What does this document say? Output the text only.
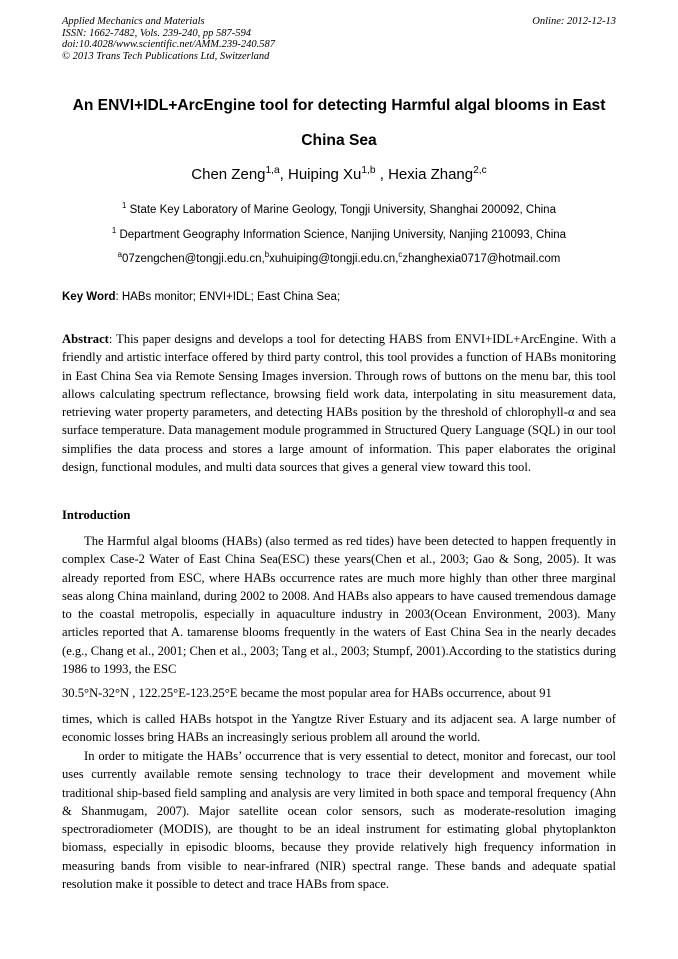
Applied Mechanics and Materials
ISSN: 1662-7482, Vols. 239-240, pp 587-594
doi:10.4028/www.scientific.net/AMM.239-240.587
© 2013 Trans Tech Publications Ltd, Switzerland
Online: 2012-12-13
An ENVI+IDL+ArcEngine tool for detecting Harmful algal blooms in East
China Sea
Chen Zeng$^{1,a}$, Huiping Xu$^{1,b}$ , Hexia Zhang$^{2,c}$
$^1$ State Key Laboratory of Marine Geology, Tongji University, Shanghai 200092, China
$^1$ Department Geography Information Science, Nanjing University, Nanjing 210093, China
$^a$07zengchen@tongji.edu.cn,$^b$xuhuiping@tongji.edu.cn,$^c$zhanghexia0717@hotmail.com
Key Word: HABs monitor; ENVI+IDL; East China Sea;
Abstract: This paper designs and develops a tool for detecting HABS from ENVI+IDL+ArcEngine. With a friendly and artistic interface offered by third party control, this tool provides a function of HABs monitoring in East China Sea via Remote Sensing Images inversion. Through rows of buttons on the menu bar, this tool allows calculating spectrum reflectance, browsing field work data, interpolating in situ measurement data, retrieving water property parameters, and detecting HABs position by the threshold of chlorophyll-α and sea surface temperature. Data management module programmed in Structured Query Language (SQL) in our tool simplifies the data process and stores a large amount of information. This paper elaborates the original design, functional modules, and multi data sources that gives a general view toward this tool.
Introduction
The Harmful algal blooms (HABs) (also termed as red tides) have been detected to happen frequently in complex Case-2 Water of East China Sea(ESC) these years(Chen et al., 2003; Gao & Song, 2005). It was already reported from ESC, where HABs occurrence rates are much more highly than other three marginal seas along China mainland, during 2002 to 2008. And HABs also appears to have caused tremendous damage to the coastal metropolis, especially in aquaculture industry in 2003(Ocean Environment, 2003). Many articles reported that A. tamarense blooms frequently in the waters of East China Sea in the nearly decades (e.g., Chang et al., 2001; Chen et al., 2003; Tang et al., 2003; Stumpf, 2001).According to the statistics during 1986 to 1993, the ESC
30.5°N-32°N , 122.25°E-123.25°E became the most popular area for HABs occurrence, about 91
times, which is called HABs hotspot in the Yangtze River Estuary and its adjacent sea. A large number of economic losses bring HABs an increasingly serious problem all around the world.
In order to mitigate the HABs’ occurrence that is very essential to detect, monitor and forecast, our tool uses currently available remote sensing technology to trace their development and movement while traditional ship-based field sampling and analysis are very limited in both space and temporal frequency (Ahn & Shanmugam, 2007). Major satellite ocean color sensors, such as moderate-resolution imaging spectroradiometer (MODIS), are thought to be an ideal instrument for estimating global phytoplankton biomass, especially in episodic blooms, because they provide relatively high frequency information in measuring bands from visible to near-infrared (NIR) spectral range. These bands and adequate spatial resolution make it possible to detect and trace HABs from space.
